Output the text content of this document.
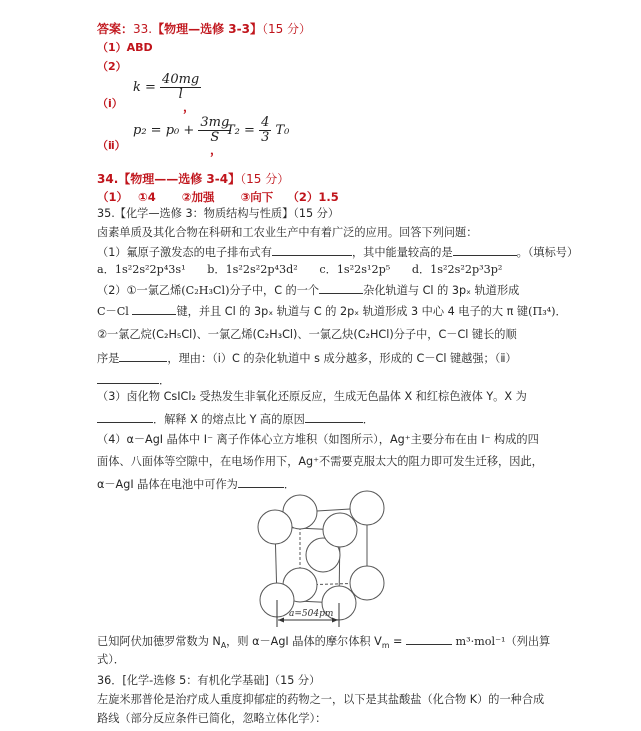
答案：33.【物理—选修 3-3】（15 分）
（1）ABD
（2）
（ⅰ）
$k = \frac{40mg}{l}$
，
（ⅱ）
$p_2 = p_0 + \frac{3mg}{S}$
，
$T_2 = \frac{4}{3} T_0$
34.【物理——选修 3-4】（15 分）
（1） ①4 ②加强 ③向下 （2）1.5
35.【化学—选修 3：物质结构与性质】（15 分）
卤素单质及其化合物在科研和工农业生产中有着广泛的应用。回答下列问题：
（1）氟原子激发态的电子排布式有	，其中能量较高的是	。（填标号）
a．1s²2s²2p⁴3s¹ b．1s²2s²2p⁴3d² c．1s²2s¹2p⁵ d．1s²2s²2p³3p²
（2）①一氯乙烯(C₂H₃Cl)分子中，C 的一个	杂化轨道与 Cl 的 3pₓ 轨道形成
C－Cl	键，并且 Cl 的 3pₓ 轨道与 C 的 2pₓ 轨道形成 3 中心 4 电子的大 π 键(Π₃⁴)．
②一氯乙烷(C₂H₅Cl)、一氯乙烯(C₂H₃Cl)、一氯乙炔(C₂HCl)分子中，C－Cl 键长的顺
序是	，理由：（ⅰ）C 的杂化轨道中 s 成分越多，形成的 C－Cl 键越强；（ⅱ）
．
（3）卤化物 CsICl₂ 受热发生非氧化还原反应，生成无色晶体 X 和红棕色液体 Y。X 为
．解释 X 的熔点比 Y 高的原因	．
（4）α－AgI 晶体中 I⁻ 离子作体心立方堆积（如图所示），Ag⁺主要分布在由 I⁻ 构成的四
面体、八面体等空隙中，在电场作用下，Ag⁺不需要克服太大的阻力即可发生迁移，因此，
α－AgI 晶体在电池中可作为	．
a=504pm
已知阿伏加德罗常数为 $N_A$，则 α－AgI 晶体的摩尔体积 $V_m$ =	m³·mol⁻¹（列出算
式）．
36．[化学-选修 5：有机化学基础]（15 分）
左旋米那普伦是治疗成人重度抑郁症的药物之一，以下是其盐酸盐（化合物 K）的一种合成
路线（部分反应条件已简化，忽略立体化学）：
